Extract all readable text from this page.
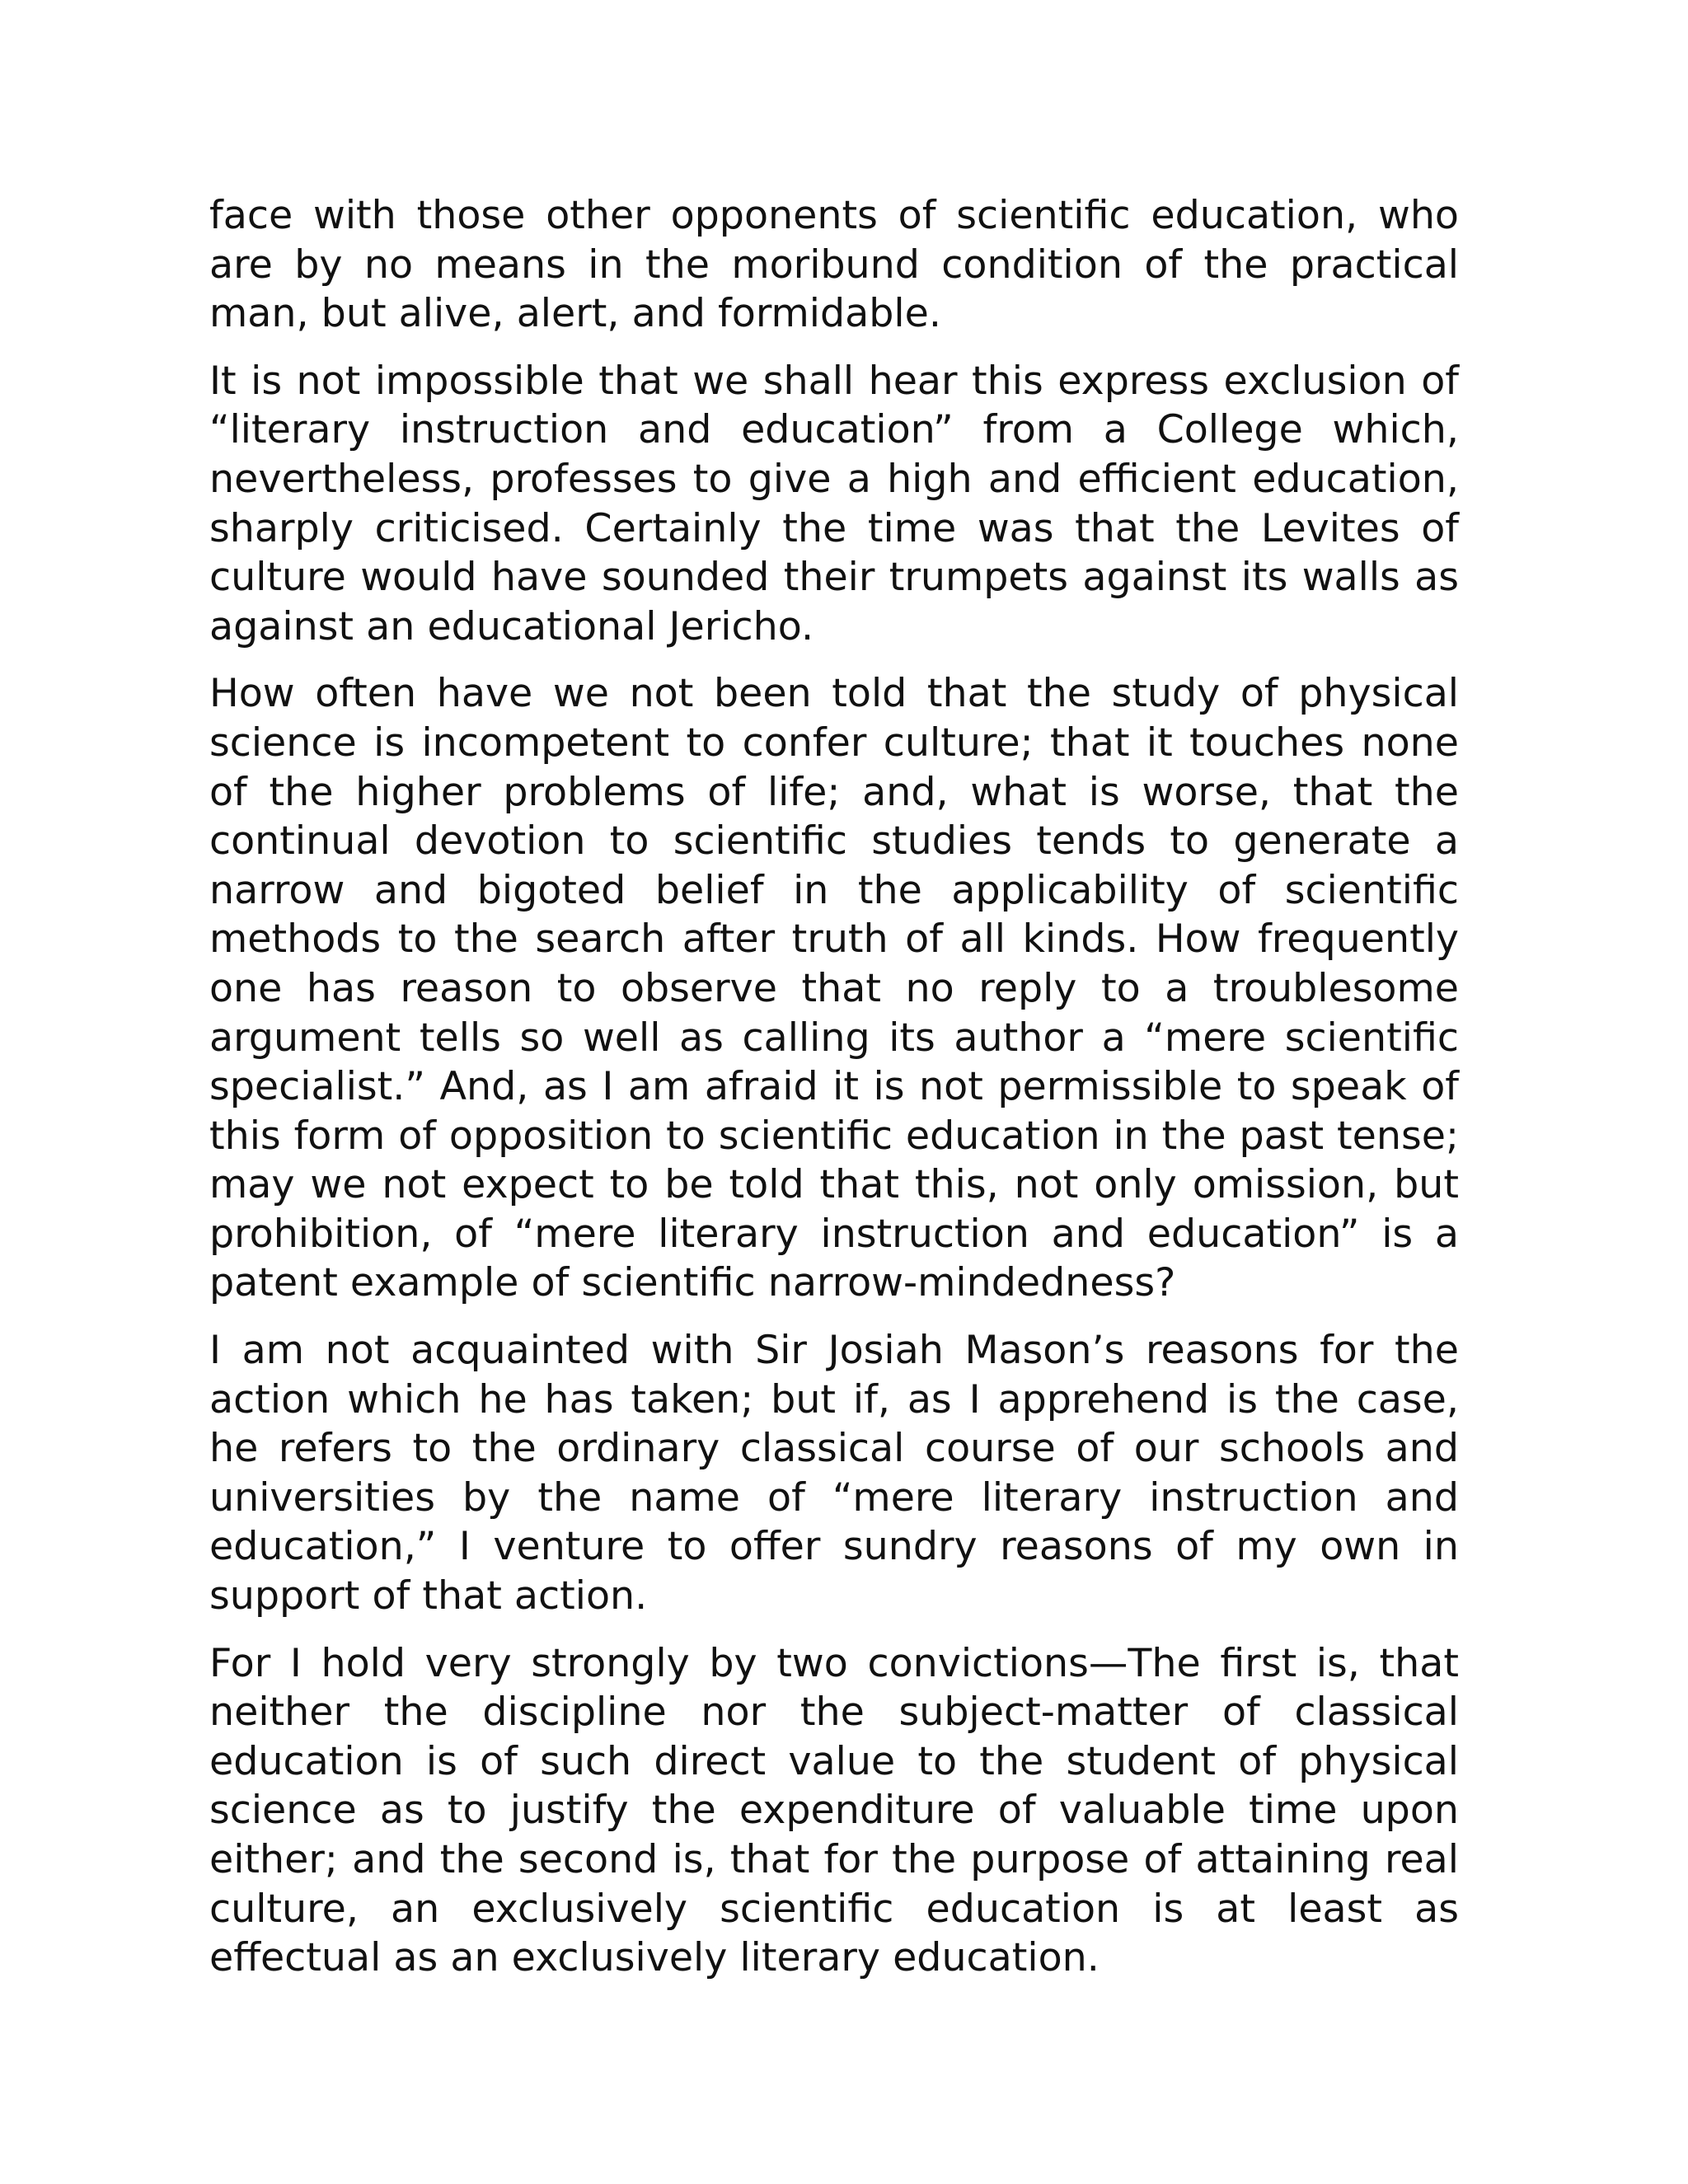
face with those other opponents of scientific education, who are by no means in the moribund condition of the practical man, but alive, alert, and formidable.

It is not impossible that we shall hear this express exclusion of “literary instruction and education” from a College which, nevertheless, professes to give a high and efficient education, sharply criticised. Certainly the time was that the Levites of culture would have sounded their trumpets against its walls as against an educational Jericho.

How often have we not been told that the study of physical science is incompetent to confer culture; that it touches none of the higher problems of life; and, what is worse, that the continual devotion to scientific studies tends to generate a narrow and bigoted belief in the applicability of scientific methods to the search after truth of all kinds. How frequently one has reason to observe that no reply to a troublesome argument tells so well as calling its author a “mere scientific specialist.” And, as I am afraid it is not permissible to speak of this form of opposition to scientific education in the past tense; may we not expect to be told that this, not only omission, but prohibition, of “mere literary instruction and education” is a patent example of scientific narrow-mindedness?

I am not acquainted with Sir Josiah Mason’s reasons for the action which he has taken; but if, as I apprehend is the case, he refers to the ordinary classical course of our schools and universities by the name of “mere literary instruction and education,” I venture to offer sundry reasons of my own in support of that action.

For I hold very strongly by two convictions—The first is, that neither the discipline nor the subject-matter of classical education is of such direct value to the student of physical science as to justify the expenditure of valuable time upon either; and the second is, that for the purpose of attaining real culture, an exclusively scientific education is at least as effectual as an exclusively literary education.
